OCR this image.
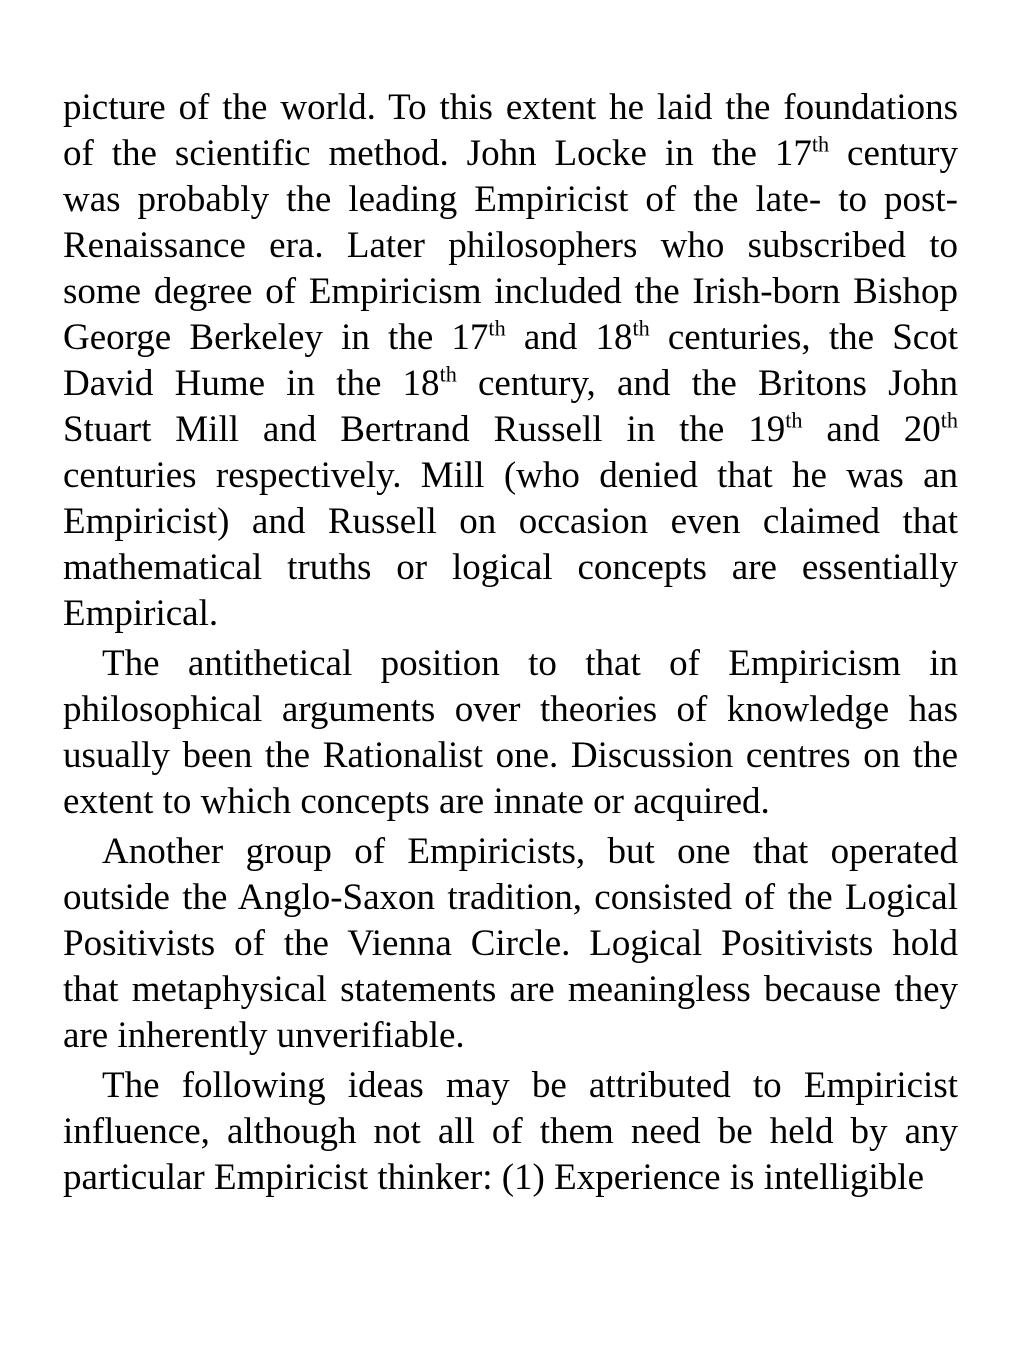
picture of the world. To this extent he laid the foundations
of the scientific method. John Locke in the 17th century
was probably the leading Empiricist of the late- to post-
Renaissance era. Later philosophers who subscribed to
some degree of Empiricism included the Irish-born Bishop
George Berkeley in the 17th and 18th centuries, the Scot
David Hume in the 18th century, and the Britons John
Stuart Mill and Bertrand Russell in the 19th and 20th
centuries respectively. Mill (who denied that he was an
Empiricist) and Russell on occasion even claimed that
mathematical truths or logical concepts are essentially
Empirical.
The antithetical position to that of Empiricism in
philosophical arguments over theories of knowledge has
usually been the Rationalist one. Discussion centres on the
extent to which concepts are innate or acquired.
Another group of Empiricists, but one that operated
outside the Anglo-Saxon tradition, consisted of the Logical
Positivists of the Vienna Circle. Logical Positivists hold
that metaphysical statements are meaningless because they
are inherently unverifiable.
The following ideas may be attributed to Empiricist
influence, although not all of them need be held by any
particular Empiricist thinker: (1) Experience is intelligible
